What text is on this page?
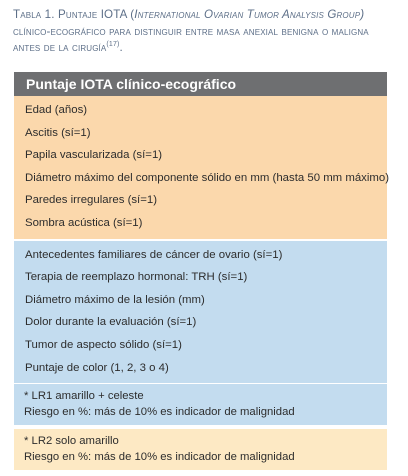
Tabla 1. Puntaje IOTA (International Ovarian Tumor Analysis Group) clínico-ecográfico para distinguir entre masa anexial benigna o maligna antes de la cirugía$^{(17)}$.
Puntaje IOTA clínico-ecográfico
Edad (años)
Ascitis (sí=1)
Papila vascularizada (sí=1)
Diámetro máximo del componente sólido en mm (hasta 50 mm máximo)
Paredes irregulares (sí=1)
Sombra acústica (sí=1)
Antecedentes familiares de cáncer de ovario (sí=1)
Terapia de reemplazo hormonal: TRH (sí=1)
Diámetro máximo de la lesión (mm)
Dolor durante la evaluación (sí=1)
Tumor de aspecto sólido (sí=1)
Puntaje de color (1, 2, 3 o 4)
* LR1 amarillo + celeste
Riesgo en %: más de 10% es indicador de malignidad
* LR2 solo amarillo
Riesgo en %: más de 10% es indicador de malignidad
